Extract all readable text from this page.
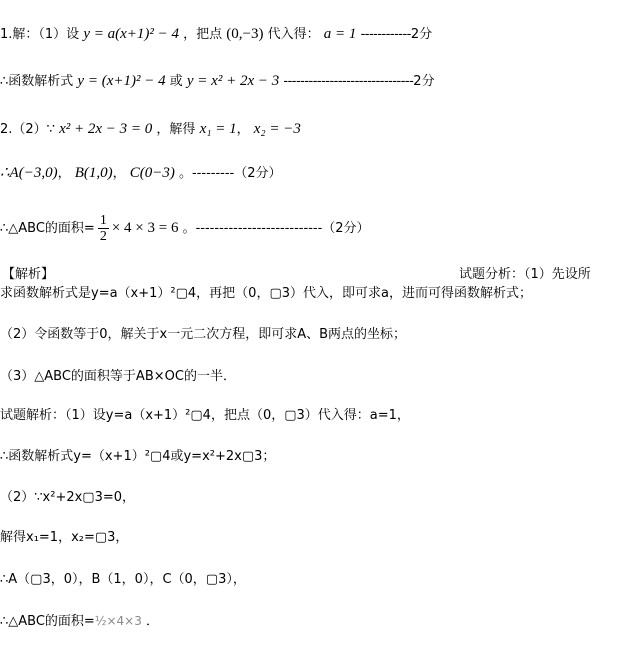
1.解：（1）设 y = a(x+1)² − 4 ，把点 (0,−3) 代入得： a = 1 ------------2分
∴函数解析式 y = (x+1)² − 4 或 y = x² + 2x − 3 -------------------------------2分
2.（2）∵ x² + 2x − 3 = 0 ，解得 x₁ = 1， x₂ = −3
∴A(−3,0)， B(1,0)， C(0−3) 。---------（2分）
∴△ABC的面积= $\frac{1}{2} \times 4 \times 3 = 6$ 。---------------------------（2分）
【解析】	试题分析：（1）先设所
求函数解析式是y=a（x+1）²▢4，再把（0，▢3）代入，即可求a，进而可得函数解析式；
（2）令函数等于0，解关于x一元二次方程，即可求A、B两点的坐标；
（3）△ABC的面积等于AB×OC的一半．
试题解析：（1）设y=a（x+1）²▢4，把点（0，▢3）代入得：a=1，
∴函数解析式y=（x+1）²▢4或y=x²+2x▢3；
（2）∵x²+2x▢3=0，
解得x₁=1，x₂=▢3，
∴A（▢3，0），B（1，0），C（0，▢3），
∴△ABC的面积=½×4×3 ．
